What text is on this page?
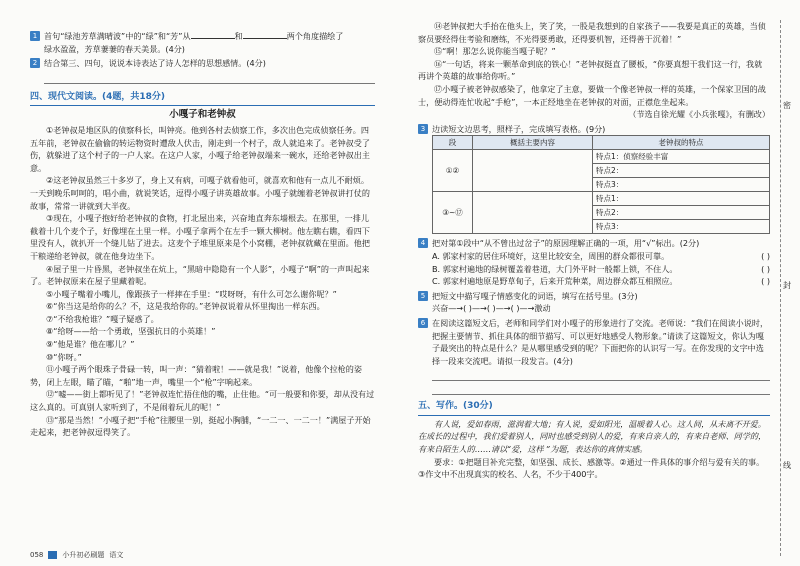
1 首句“绿池芳草满晴波”中的“绿”和“芳”从	和	两个角度描绘了

绿水盈盈，芳草萋萋的春天美景。(4分)

2 结合第三、四句，说说本诗表达了诗人怎样的思想感情。(4分)

四、现代文阅读。(4题，共18分)
小嘎子和老钟叔

①老钟叔是地区队的侦察科长，叫钟亮。他到各村去侦察工作，多次出色完成侦察任务。四五年前，老钟叔在偷偷的转运物资时遭敌人伏击，刚走到一个村子，敌人就追来了。老钟叔受了伤，就躲进了这个村子的一户人家。在这户人家，小嘎子给老钟叔端来一碗水，还给老钟叔出主意。

②这老钟叔虽然三十多岁了，身上又有病，可嘎子就看他可，就喜欢和他有一点儿不耐烦。一天到晚乐呵呵的，唱小曲，就说笑话，逗得小嘎子讲英雄故事。小嘎子就缠着老钟叔讲打仗的故事，常常一讲就到大半夜。

③现在，小嘎子抱好给老钟叔的食物，打北屋出来，兴奋地直奔东墙根去。在那里，一排儿截着十几个麦个子，好像埋在土里一样。小嘎子拿两个在左手一颗大柳树。他左瞧右瞧，看四下里没有人，就扒开一个缝儿钻了进去。这麦个子堆里原来是个小窝棚，老钟叔就藏在里面。他把干粮递给老钟叔，就在他身边坐下。

④屋子里一片昏黑，老钟叔坐在炕上，“黑暗中隐隐有一个人影”，小嘎子“啊”的一声叫起来了。老钟叔原来在屋子里藏着呢。

⑤小嘎子嘴着小嘴儿，像跟孩子一样摔在手里：“哎呀呀，有什么可怎么谢你呢？”

⑥“你当这是给你的么？不，这是我给你的。”老钟叔说着从怀里掏出一样东西。

⑦“不给我枪谁？”嘎子疑惑了。

⑧“给呀——给一个勇敢，坚强抗日的小英雄！”

⑨“他是谁？他在哪儿？”

⑩“你呀。”

⑪小嘎子两个眼珠子骨碌一转，叫一声：“猜着啦！——就是我！”说着，他像个拉枪的姿势，闭上左眼，瞄了瞄，“啪”地一声，嘴里一个“枪”字响起来。

⑫“嘘——街上都听见了！”老钟叔连忙捂住他的嘴，止住他。“可一般要和你要，却从没有过这么真的。可真别人家听到了，不是闹着玩儿的呢！”

⑬“那是当然！”小嘎子把“手枪”往腰里一别，挺起小胸脯，“一二一、一二一！”满屋子开始走起来，把老钟叔逗得笑了。

058	小升初必刷题 语文

⑭老钟叔把大手抬在他头上，笑了笑，一股是我想到的自家孩子——我要是真正的英雄，当侦察员要经得住考验和磨练，不光得要勇敢，还得要机智，还得善于沉着！”

⑮“啊！那怎么说你能当嘎子呢？”

⑯“一句话，将来一颗革命到底的铁心！”老钟叔挺直了腰板，“你要真想干我们这一行，我就再讲个英雄的故事给你听。”

⑰小嘎子被老钟叔感染了，他拿定了主意，要做一个像老钟叔一样的英雄，一个保家卫国的战士，便动得连忙收起“手枪”，一本正经地坐在老钟叔的对面，正襟危坐起来。

（节选自徐光耀《小兵张嘎》，有删改）

3 边读短文边思考，照样子，完成填写表格。(9分)

段	概括主要内容	老钟叔的特点
①②		特点1：侦察经验丰富
		特点2：
		特点3：
③~⑰		特点1：
		特点2：
		特点3：
4 把对第①段中“从不曾出过岔子”的原因理解正确的一项，用“√”标出。(2分)

A. 郭家村家的居住环境好，这里比较安全，周围的群众都很可靠。	( )
B. 郭家村遍地的绿树覆盖着巷道，大门外平时一般都上锁，不住人。	( )
C. 郭家村遍地原是野草甸子，后来开荒种菜，周边群众都互相照应。	( )
5 把短文中描写嘎子情感变化的词语，填写在括号里。(3分)

兴奋—→( )—→( )—→( )—→激动

6 在阅读这篇短文后，老师和同学们对小嘎子的形象进行了交流。老师说：“我们在阅读小说时，把握主要情节、抓住具体的细节描写、可以更好地感受人物形象。”请读了这篇短文，你认为嘎子最突出的特点是什么？是从哪里感受到的呢？下面把你的认识写一写。在你发现的文字中选择一段来交流吧。请拟一段发言。(4分)

五、写作。(30分)

有人说，爱如春雨，滋润着大地；有人说，爱如阳光，温暖着人心。这人间，从未离不开爱。在成长的过程中，我们爱着别人，同时也感受到别人的爱，有来自亲人的，有来自老师、同学的，有来自陌生人的……请以“爱，这样 ”为题，表达你的真情实感。

要求：①把题目补充完整，如坚强、成长、感激等。②通过一件具体的事介绍与爱有关的事。③作文中不出现真实的校名、人名，不少于400字。

密
封
线
